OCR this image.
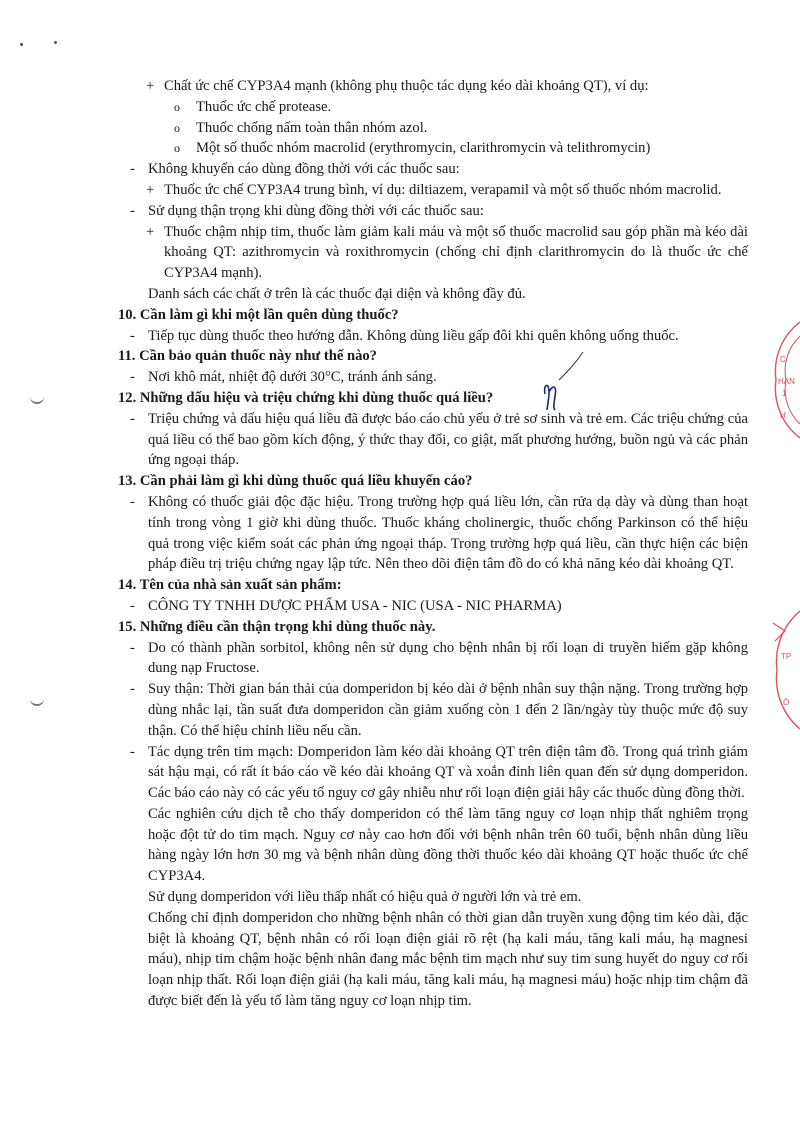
C
HẠN
1
H
TP
Ö
+ Chất ức chế CYP3A4 mạnh (không phụ thuộc tác dụng kéo dài khoảng QT), ví dụ:
o Thuốc ức chế protease.
o Thuốc chống nấm toàn thân nhóm azol.
o Một số thuốc nhóm macrolid (erythromycin, clarithromycin và telithromycin)
- Không khuyến cáo dùng đồng thời với các thuốc sau:
+ Thuốc ức chế CYP3A4 trung bình, ví dụ: diltiazem, verapamil và một số thuốc nhóm macrolid.
- Sử dụng thận trọng khi dùng đồng thời với các thuốc sau:
+ Thuốc chậm nhịp tim, thuốc làm giảm kali máu và một số thuốc macrolid sau góp phần mà kéo dài khoảng QT: azithromycin và roxithromycin (chống chỉ định clarithromycin do là thuốc ức chế CYP3A4 mạnh).
Danh sách các chất ở trên là các thuốc đại diện và không đầy đủ.
10. Cần làm gì khi một lần quên dùng thuốc?
- Tiếp tục dùng thuốc theo hướng dẫn. Không dùng liều gấp đôi khi quên không uống thuốc.
11. Cần bảo quản thuốc này như thế nào?
- Nơi khô mát, nhiệt độ dưới 30°C, tránh ánh sáng.
12. Những dấu hiệu và triệu chứng khi dùng thuốc quá liều?
- Triệu chứng và dấu hiệu quá liều đã được báo cáo chủ yếu ở trẻ sơ sinh và trẻ em. Các triệu chứng của quá liều có thể bao gồm kích động, ý thức thay đổi, co giật, mất phương hướng, buồn ngủ và các phản ứng ngoại tháp.
13. Cần phải làm gì khi dùng thuốc quá liều khuyến cáo?
- Không có thuốc giải độc đặc hiệu. Trong trường hợp quá liều lớn, cần rửa dạ dày và dùng than hoạt tính trong vòng 1 giờ khi dùng thuốc. Thuốc kháng cholinergic, thuốc chống Parkinson có thể hiệu quả trong việc kiểm soát các phản ứng ngoại tháp. Trong trường hợp quá liều, cần thực hiện các biện pháp điều trị triệu chứng ngay lập tức. Nên theo dõi điện tâm đồ do có khả năng kéo dài khoảng QT.
14. Tên của nhà sản xuất sản phẩm:
- CÔNG TY TNHH DƯỢC PHẨM USA - NIC (USA - NIC PHARMA)
15. Những điều cần thận trọng khi dùng thuốc này.
- Do có thành phần sorbitol, không nên sử dụng cho bệnh nhân bị rối loạn di truyền hiếm gặp không dung nạp Fructose.
- Suy thận: Thời gian bán thải của domperidon bị kéo dài ở bệnh nhân suy thận nặng. Trong trường hợp dùng nhắc lại, tần suất đưa domperidon cần giảm xuống còn 1 đến 2 lần/ngày tùy thuộc mức độ suy thận. Có thể hiệu chỉnh liều nếu cần.
- Tác dụng trên tim mạch: Domperidon làm kéo dài khoảng QT trên điện tâm đồ. Trong quá trình giám sát hậu mại, có rất ít báo cáo về kéo dài khoảng QT và xoắn đỉnh liên quan đến sử dụng domperidon. Các báo cáo này có các yếu tố nguy cơ gây nhiễu như rối loạn điện giải hây các thuốc dùng đồng thời.
Các nghiên cứu dịch tễ cho thấy domperidon có thể làm tăng nguy cơ loạn nhịp thất nghiêm trọng hoặc đột tử do tim mạch. Nguy cơ này cao hơn đối với bệnh nhân trên 60 tuổi, bệnh nhân dùng liều hàng ngày lớn hơn 30 mg và bệnh nhân dùng đồng thời thuốc kéo dài khoảng QT hoặc thuốc ức chế CYP3A4.
Sử dụng domperidon với liều thấp nhất có hiệu quả ở người lớn và trẻ em.
Chống chỉ định domperidon cho những bệnh nhân có thời gian dẫn truyền xung động tim kéo dài, đặc biệt là khoảng QT, bệnh nhân có rối loạn điện giải rõ rệt (hạ kali máu, tăng kali máu, hạ magnesi máu), nhịp tim chậm hoặc bệnh nhân đang mắc bệnh tim mạch như suy tim sung huyết do nguy cơ rối loạn nhịp thất. Rối loạn điện giải (hạ kali máu, tăng kali máu, hạ magnesi máu) hoặc nhịp tim chậm đã được biết đến là yếu tố làm tăng nguy cơ loạn nhịp tim.
